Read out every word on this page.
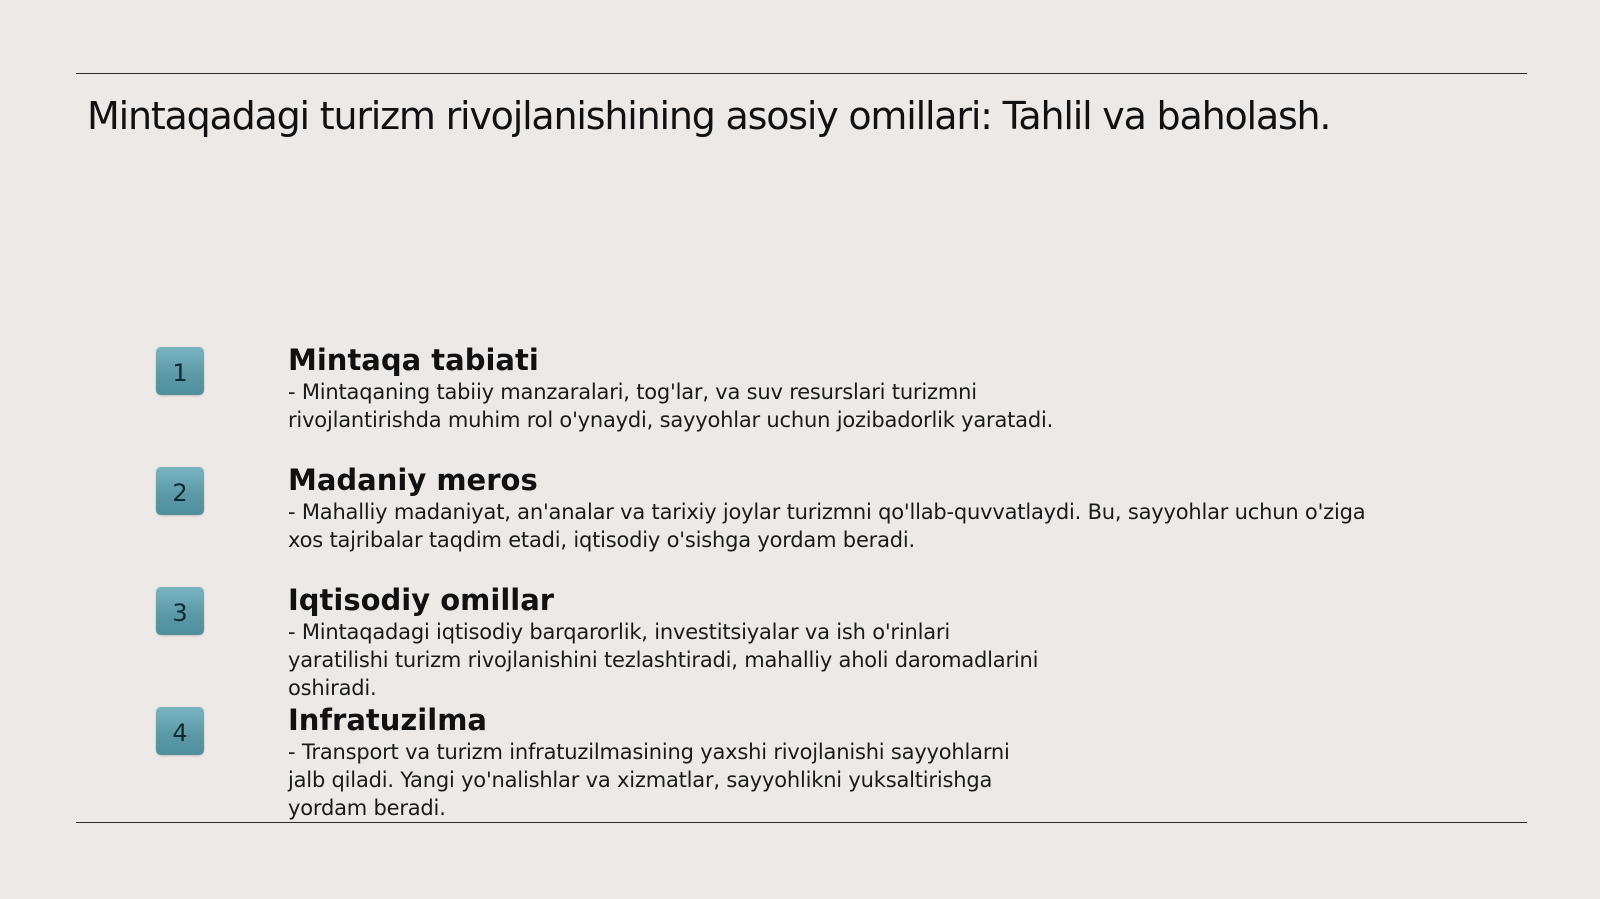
Mintaqadagi turizm rivojlanishining asosiy omillari: Tahlil va baholash.
1	Mintaqa tabiati

- Mintaqaning tabiiy manzaralari, tog'lar, va suv resurslari turizmni
rivojlantirishda muhim rol o'ynaydi, sayyohlar uchun jozibadorlik yaratadi.

2	Madaniy meros

- Mahalliy madaniyat, an'analar va tarixiy joylar turizmni qo'llab-quvvatlaydi. Bu, sayyohlar uchun o'ziga
xos tajribalar taqdim etadi, iqtisodiy o'sishga yordam beradi.

3	Iqtisodiy omillar

- Mintaqadagi iqtisodiy barqarorlik, investitsiyalar va ish o'rinlari
yaratilishi turizm rivojlanishini tezlashtiradi, mahalliy aholi daromadlarini
oshiradi.

4	Infratuzilma

- Transport va turizm infratuzilmasining yaxshi rivojlanishi sayyohlarni
jalb qiladi. Yangi yo'nalishlar va xizmatlar, sayyohlikni yuksaltirishga
yordam beradi.
